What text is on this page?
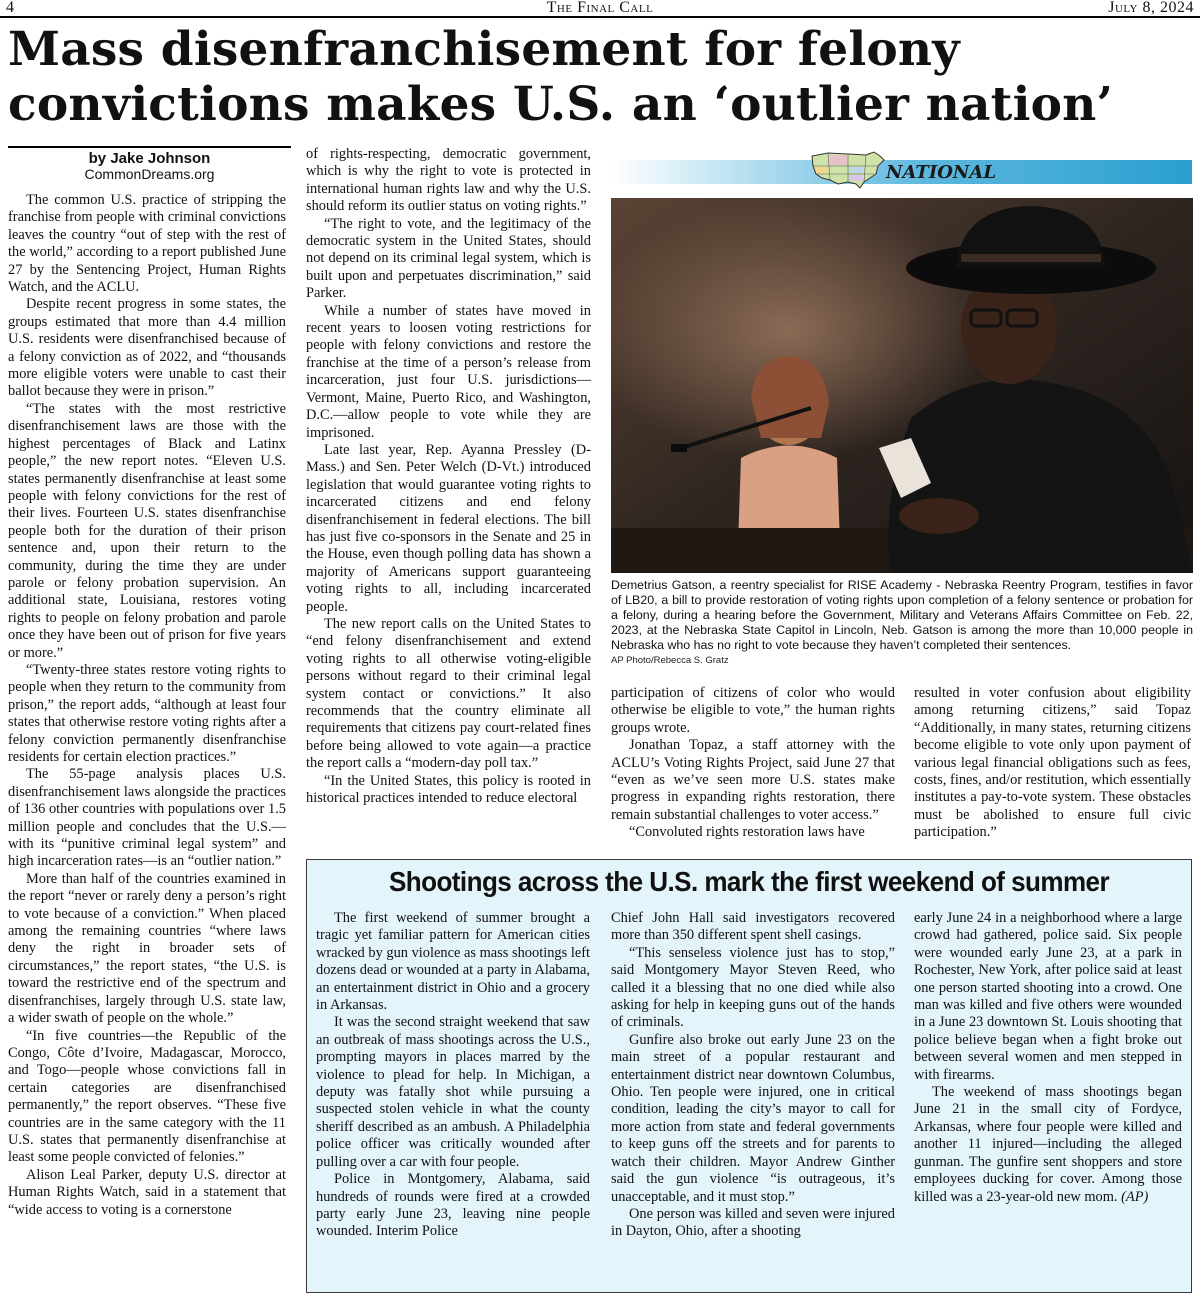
4	The Final Call	July 8, 2024
Mass disenfranchisement for felony convictions makes U.S. an ‘outlier nation’
by Jake Johnson
CommonDreams.org

The common U.S. practice of stripping the franchise from people with criminal convictions leaves the country “out of step with the rest of the world,” according to a report published June 27 by the Sentencing Project, Human Rights Watch, and the ACLU.

Despite recent progress in some states, the groups estimated that more than 4.4 million U.S. residents were disenfranchised because of a felony conviction as of 2022, and “thousands more eligible voters were unable to cast their ballot because they were in prison.”

“The states with the most restrictive disenfranchisement laws are those with the highest percentages of Black and Latinx people,” the new report notes. “Eleven U.S. states permanently disenfranchise at least some people with felony convictions for the rest of their lives. Fourteen U.S. states disenfranchise people both for the duration of their prison sentence and, upon their return to the community, during the time they are under parole or felony probation supervision. An additional state, Louisiana, restores voting rights to people on felony probation and parole once they have been out of prison for five years or more.”

“Twenty-three states restore voting rights to people when they return to the community from prison,” the report adds, “although at least four states that otherwise restore voting rights after a felony conviction permanently disenfranchise residents for certain election practices.”

The 55-page analysis places U.S. disenfranchisement laws alongside the practices of 136 other countries with populations over 1.5 million people and concludes that the U.S.—with its “punitive criminal legal system” and high incarceration rates—is an “outlier nation.”

More than half of the countries examined in the report “never or rarely deny a person’s right to vote because of a conviction.” When placed among the remaining countries “where laws deny the right in broader sets of circumstances,” the report states, “the U.S. is toward the restrictive end of the spectrum and disenfranchises, largely through U.S. state law, a wider swath of people on the whole.”

“In five countries—the Republic of the Congo, Côte d’Ivoire, Madagascar, Morocco, and Togo—people whose convictions fall in certain categories are disenfranchised permanently,” the report observes. “These five countries are in the same category with the 11 U.S. states that permanently disenfranchise at least some people convicted of felonies.”

Alison Leal Parker, deputy U.S. director at Human Rights Watch, said in a statement that “wide access to voting is a cornerstone

of rights-respecting, democratic government, which is why the right to vote is protected in international human rights law and why the U.S. should reform its outlier status on voting rights.”

“The right to vote, and the legitimacy of the democratic system in the United States, should not depend on its criminal legal system, which is built upon and perpetuates discrimination,” said Parker.

While a number of states have moved in recent years to loosen voting restrictions for people with felony convictions and restore the franchise at the time of a person’s release from incarceration, just four U.S. jurisdictions—Vermont, Maine, Puerto Rico, and Washington, D.C.—allow people to vote while they are imprisoned.

Late last year, Rep. Ayanna Pressley (D-Mass.) and Sen. Peter Welch (D-Vt.) introduced legislation that would guarantee voting rights to incarcerated citizens and end felony disenfranchisement in federal elections. The bill has just five co-sponsors in the Senate and 25 in the House, even though polling data has shown a majority of Americans support guaranteeing voting rights to all, including incarcerated people.

The new report calls on the United States to “end felony disenfranchisement and extend voting rights to all otherwise voting-eligible persons without regard to their criminal legal system contact or convictions.” It also recommends that the country eliminate all requirements that citizens pay court-related fines before being allowed to vote again—a practice the report calls a “modern-day poll tax.”

“In the United States, this policy is rooted in historical practices intended to reduce electoral

NATIONAL
Demetrius Gatson, a reentry specialist for RISE Academy - Nebraska Reentry Program, testifies in favor of LB20, a bill to provide restoration of voting rights upon completion of a felony sentence or probation for a felony, during a hearing before the Government, Military and Veterans Affairs Committee on Feb. 22, 2023, at the Nebraska State Capitol in Lincoln, Neb. Gatson is among the more than 10,000 people in Nebraska who has no right to vote because they haven’t completed their sentences.
AP Photo/Rebecca S. Gratz

participation of citizens of color who would otherwise be eligible to vote,” the human rights groups wrote.

Jonathan Topaz, a staff attorney with the ACLU’s Voting Rights Project, said June 27 that “even as we’ve seen more U.S. states make progress in expanding rights restoration, there remain substantial challenges to voter access.”

“Convoluted rights restoration laws have

resulted in voter confusion about eligibility among returning citizens,” said Topaz “Additionally, in many states, returning citizens become eligible to vote only upon payment of various legal financial obligations such as fees, costs, fines, and/or restitution, which essentially institutes a pay-to-vote system. These obstacles must be abolished to ensure full civic participation.”

Shootings across the U.S. mark the first weekend of summer

The first weekend of summer brought a tragic yet familiar pattern for American cities wracked by gun violence as mass shootings left dozens dead or wounded at a party in Alabama, an entertainment district in Ohio and a grocery in Arkansas.

It was the second straight weekend that saw an outbreak of mass shootings across the U.S., prompting mayors in places marred by the violence to plead for help. In Michigan, a deputy was fatally shot while pursuing a suspected stolen vehicle in what the county sheriff described as an ambush. A Philadelphia police officer was critically wounded after pulling over a car with four people.

Police in Montgomery, Alabama, said hundreds of rounds were fired at a crowded party early June 23, leaving nine people wounded. Interim Police

Chief John Hall said investigators recovered more than 350 different spent shell casings.

“This senseless violence just has to stop,” said Montgomery Mayor Steven Reed, who called it a blessing that no one died while also asking for help in keeping guns out of the hands of criminals.

Gunfire also broke out early June 23 on the main street of a popular restaurant and entertainment district near downtown Columbus, Ohio. Ten people were injured, one in critical condition, leading the city’s mayor to call for more action from state and federal governments to keep guns off the streets and for parents to watch their children. Mayor Andrew Ginther said the gun violence “is outrageous, it’s unacceptable, and it must stop.”

One person was killed and seven were injured in Dayton, Ohio, after a shooting

early June 24 in a neighborhood where a large crowd had gathered, police said. Six people were wounded early June 23, at a park in Rochester, New York, after police said at least one person started shooting into a crowd. One man was killed and five others were wounded in a June 23 downtown St. Louis shooting that police believe began when a fight broke out between several women and men stepped in with firearms.

The weekend of mass shootings began June 21 in the small city of Fordyce, Arkansas, where four people were killed and another 11 injured—including the alleged gunman. The gunfire sent shoppers and store employees ducking for cover. Among those killed was a 23-year-old new mom. (AP)
